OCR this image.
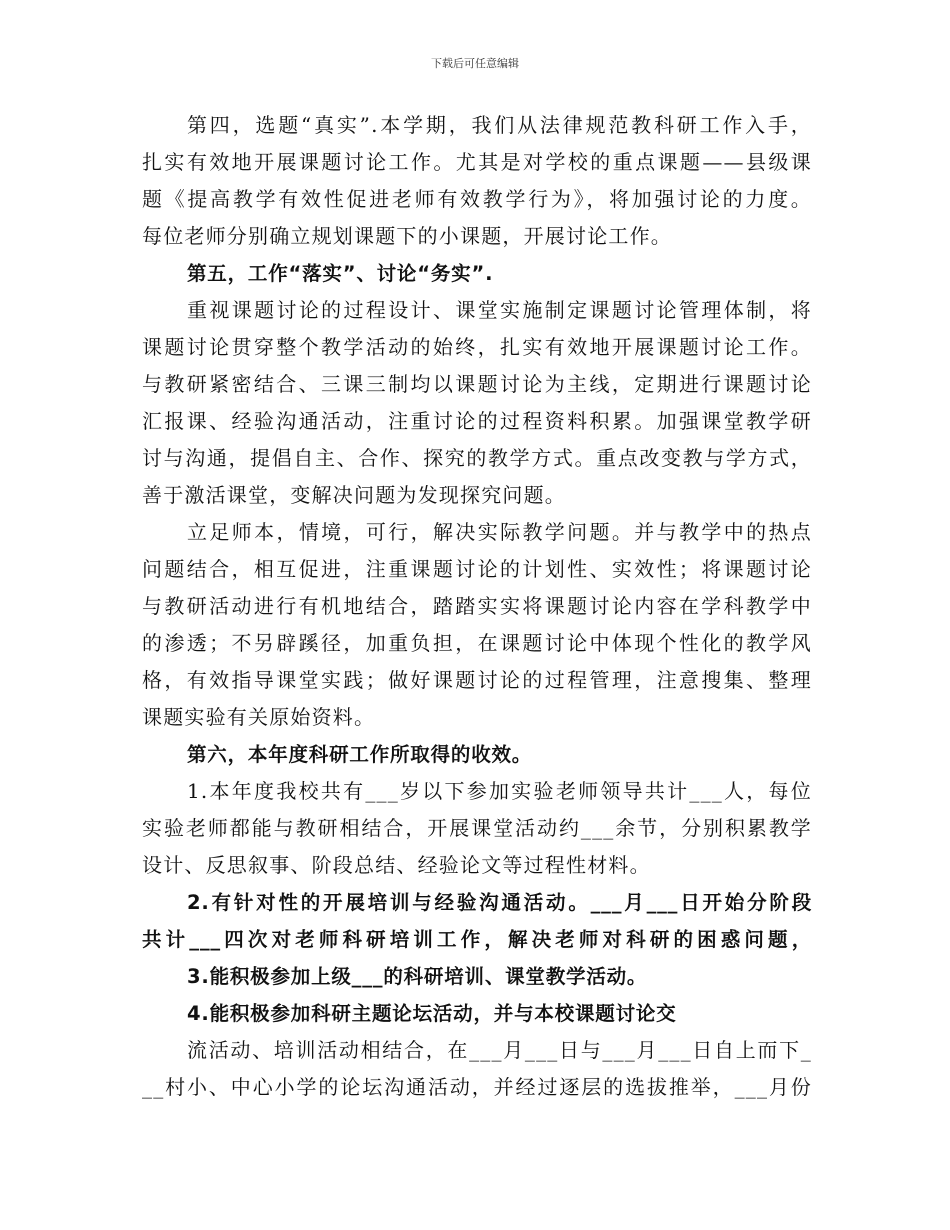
下载后可任意编辑
第四，选题“真实”.本学期，我们从法律规范教科研工作入手，
扎实有效地开展课题讨论工作。尤其是对学校的重点课题——县级课
题《提高教学有效性促进老师有效教学行为》，将加强讨论的力度。
每位老师分别确立规划课题下的小课题，开展讨论工作。
第五，工作“落实”、讨论“务实”.
重视课题讨论的过程设计、课堂实施制定课题讨论管理体制，将
课题讨论贯穿整个教学活动的始终，扎实有效地开展课题讨论工作。
与教研紧密结合、三课三制均以课题讨论为主线，定期进行课题讨论
汇报课、经验沟通活动，注重讨论的过程资料积累。加强课堂教学研
讨与沟通，提倡自主、合作、探究的教学方式。重点改变教与学方式，
善于激活课堂，变解决问题为发现探究问题。
立足师本，情境，可行，解决实际教学问题。并与教学中的热点
问题结合，相互促进，注重课题讨论的计划性、实效性；将课题讨论
与教研活动进行有机地结合，踏踏实实将课题讨论内容在学科教学中
的渗透；不另辟蹊径，加重负担，在课题讨论中体现个性化的教学风
格，有效指导课堂实践；做好课题讨论的过程管理，注意搜集、整理
课题实验有关原始资料。
第六，本年度科研工作所取得的收效。
1.本年度我校共有___岁以下参加实验老师领导共计___人，每位
实验老师都能与教研相结合，开展课堂活动约___余节，分别积累教学
设计、反思叙事、阶段总结、经验论文等过程性材料。
2.有针对性的开展培训与经验沟通活动。___月___日开始分阶段
共计___四次对老师科研培训工作，解决老师对科研的困惑问题，
3.能积极参加上级___的科研培训、课堂教学活动。
4.能积极参加科研主题论坛活动，并与本校课题讨论交
流活动、培训活动相结合，在___月___日与___月___日自上而下_
__村小、中心小学的论坛沟通活动，并经过逐层的选拔推举，___月份
